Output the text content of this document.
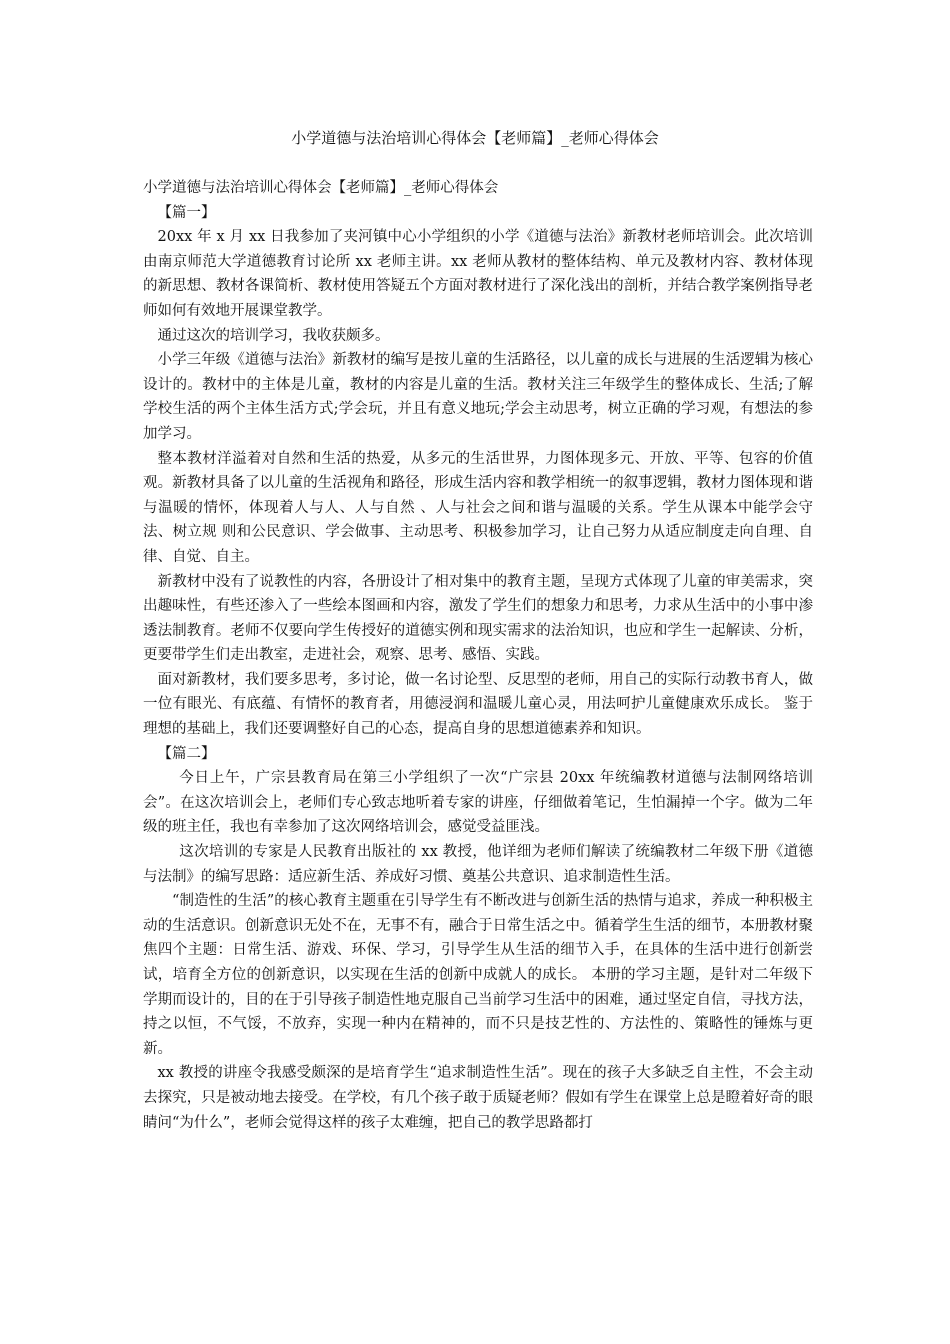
小学道德与法治培训心得体会【老师篇】_老师心得体会

小学道德与法治培训心得体会【老师篇】_老师心得体会

【篇一】

20xx 年 x 月 xx 日我参加了夹河镇中心小学组织的小学《道德与法治》新教材老师培训会。此次培训由南京师范大学道德教育讨论所 xx 老师主讲。xx 老师从教材的整体结构、单元及教材内容、教材体现的新思想、教材各课简析、教材使用答疑五个方面对教材进行了深化浅出的剖析，并结合教学案例指导老师如何有效地开展课堂教学。

通过这次的培训学习，我收获颇多。

小学三年级《道德与法治》新教材的编写是按儿童的生活路径，以儿童的成长与进展的生活逻辑为核心设计的。教材中的主体是儿童，教材的内容是儿童的生活。教材关注三年级学生的整体成长、生活;了解学校生活的两个主体生活方式;学会玩，并且有意义地玩;学会主动思考，树立正确的学习观，有想法的参加学习。

整本教材洋溢着对自然和生活的热爱，从多元的生活世界，力图体现多元、开放、平等、包容的价值观。新教材具备了以儿童的生活视角和路径，形成生活内容和教学相统一的叙事逻辑，教材力图体现和谐与温暖的情怀，体现着人与人、人与自然 、人与社会之间和谐与温暖的关系。学生从课本中能学会守法、树立规 则和公民意识、学会做事、主动思考、积极参加学习，让自己努力从适应制度走向自理、自律、自觉、自主。

新教材中没有了说教性的内容，各册设计了相对集中的教育主题，呈现方式体现了儿童的审美需求，突出趣味性，有些还渗入了一些绘本图画和内容，激发了学生们的想象力和思考，力求从生活中的小事中渗透法制教育。老师不仅要向学生传授好的道德实例和现实需求的法治知识，也应和学生一起解读、分析，更要带学生们走出教室，走进社会，观察、思考、感悟、实践。

面对新教材，我们要多思考，多讨论，做一名讨论型、反思型的老师，用自己的实际行动教书育人，做一位有眼光、有底蕴、有情怀的教育者，用德浸润和温暖儿童心灵，用法呵护儿童健康欢乐成长。 鉴于理想的基础上，我们还要调整好自己的心态，提高自身的思想道德素养和知识。

【篇二】

今日上午，广宗县教育局在第三小学组织了一次“广宗县 20xx 年统编教材道德与法制网络培训会”。在这次培训会上，老师们专心致志地听着专家的讲座，仔细做着笔记，生怕漏掉一个字。做为二年级的班主任，我也有幸参加了这次网络培训会，感觉受益匪浅。

这次培训的专家是人民教育出版社的 xx 教授，他详细为老师们解读了统编教材二年级下册《道德与法制》的编写思路：适应新生活、养成好习惯、奠基公共意识、追求制造性生活。

“制造性的生活”的核心教育主题重在引导学生有不断改进与创新生活的热情与追求，养成一种积极主动的生活意识。创新意识无处不在，无事不有，融合于日常生活之中。循着学生生活的细节，本册教材聚焦四个主题：日常生活、游戏、环保、学习，引导学生从生活的细节入手，在具体的生活中进行创新尝试，培育全方位的创新意识，以实现在生活的创新中成就人的成长。 本册的学习主题，是针对二年级下学期而设计的，目的在于引导孩子制造性地克服自己当前学习生活中的困难，通过坚定自信，寻找方法，持之以恒，不气馁，不放弃，实现一种内在精神的，而不只是技艺性的、方法性的、策略性的锤炼与更新。

xx 教授的讲座令我感受颇深的是培育学生“追求制造性生活”。现在的孩子大多缺乏自主性，不会主动去探究，只是被动地去接受。在学校，有几个孩子敢于质疑老师？假如有学生在课堂上总是瞪着好奇的眼睛问“为什么”，老师会觉得这样的孩子太难缠，把自己的教学思路都打
